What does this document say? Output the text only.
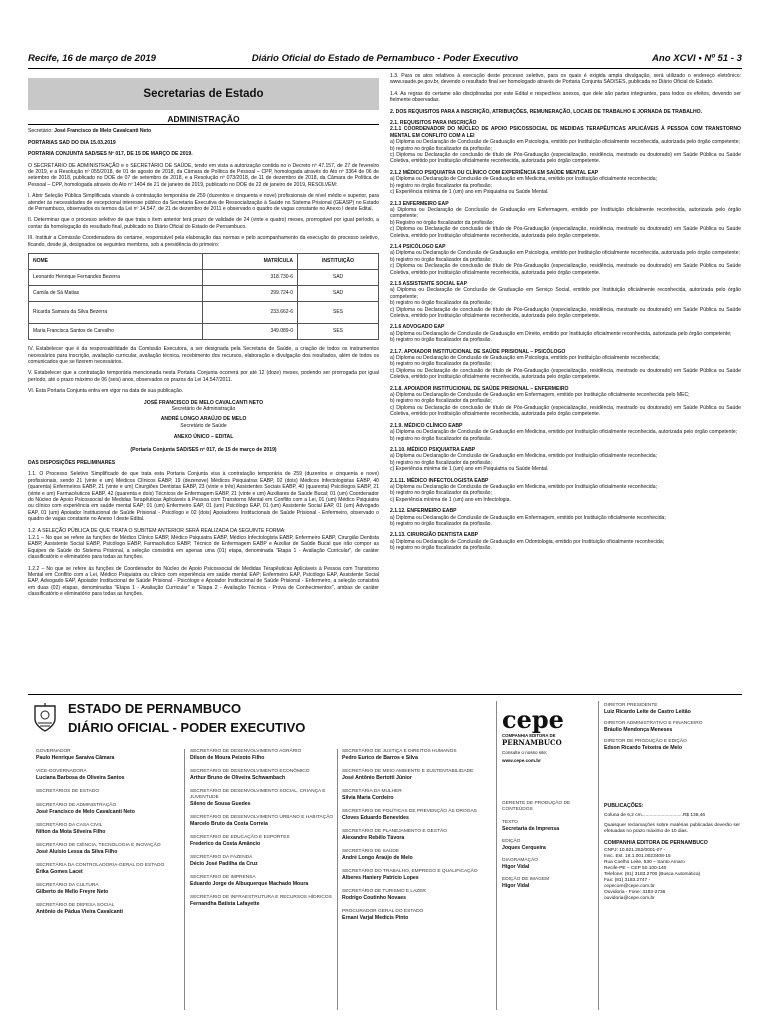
Recife, 16 de março de 2019	Diário Oficial do Estado de Pernambuco - Poder Executivo	Ano XCVI • Nº 51 - 3
Secretarias de Estado
ADMINISTRAÇÃO

Secretário: José Francisco de Melo Cavalcanti Neto

PORTARIAS SAD DO DIA 15.03.2019

PORTARIA CONJUNTA SAD/SES Nº 017, DE 15 DE MARÇO DE 2019.

O SECRETÁRIO DE ADMINISTRAÇÃO e o SECRETÁRIO DE SAÚDE, tendo em vista a autorização contida no o Decreto nº 47.157, de 27 de fevereiro de 2019, e a Resolução nº 055/2018, de 01 de agosto de 2018, da Câmara de Política de Pessoal – CPP, homologada através do Ato nº 3364 de 06 de setembro de 2018, publicado no DOE de 07 de setembro de 2018, e a Resolução nº 073/2018, de 11 de dezembro de 2018, da Câmara de Política de Pessoal – CPP, homologada através do Ato nº 1404 de 21 de janeiro de 2019, publicado no DOE de 22 de janeiro de 2019, RESOLVEM:

I. Abrir Seleção Pública Simplificada visando à contratação temporária de 259 (duzentos e cinquenta e nove) profissionais de nível médio e superior, para atender às necessidades de excepcional interesse público da Secretaria Executiva de Ressocialização à Saúde no Sistema Prisional (GEASP) no Estado de Pernambuco, observados os termos da Lei nº 14.547, de 21 de dezembro de 2011 e observado o quadro de vagas constante no Anexo I deste Edital.

II. Determinar que o processo seletivo de que trata o item anterior terá prazo de validade de 24 (vinte e quatro) meses, prorrogável por igual período, a contar da homologação do resultado final, publicado no Diário Oficial do Estado de Pernambuco.

III. Instituir a Comissão Coordenadora do certame, responsável pela elaboração das normas e pelo acompanhamento da execução do processo seletivo, ficando, desde já, designados os seguintes membros, sob a presidência do primeiro:

NOME	MATRÍCULA	INSTITUIÇÃO
Leonardo Henrique Fernandes Bezerra	318.730-6	SAD
Camila de Sá Matias	299.724-0	SAD
Ricarda Samara da Silva Bezerra	233.662-6	SES
Maria Francisca Santos de Carvalho	349.089-0	SES

IV. Estabelecer que é da responsabilidade da Comissão Executora, a ser designada pela Secretaria de Saúde, a criação de todos os instrumentos necessários para inscrição, avaliação curricular, avaliação técnica, recebimento dos recursos, elaboração e divulgação dos resultados, além de todos os comunicados que se fizerem necessários.

V. Estabelecer que a contratação temporária mencionada nesta Portaria Conjunta ocorrerá por até 12 (doze) meses, podendo ser prorrogada por igual período, até o prazo máximo de 06 (seis) anos, observados os prazos da Lei 14.547/2011.

VI. Esta Portaria Conjunta entra em vigor na data de sua publicação.

JOSÉ FRANCISCO DE MELO CAVALCANTI NETO
Secretário de Administração
ANDRÉ LONGO ARAÚJO DE MELO
Secretário de Saúde
ANEXO ÚNICO – EDITAL
(Portaria Conjunta SAD/SES nº 017, de 15 de março de 2019)

DAS DISPOSIÇÕES PRELIMINARES

1.1. O Processo Seletivo Simplificado de que trata esta Portaria Conjunta visa à contratação temporária de 259 (duzentos e cinquenta e nove) profissionais, sendo 21 (vinte e um) Médicos Clínicos EABP, 19 (dezenove) Médicos Psiquiatras EABP, 02 (dois) Médicos Infectologistas EABP, 40 (quarenta) Enfermeiros EABP, 21 (vinte e um) Cirurgiões Dentistas EABP, 23 (vinte e três) Assistentes Sociais EABP, 40 (quarenta) Psicólogos EABP, 21 (vinte e um) Farmacêuticos EABP, 42 (quarenta e dois) Técnicos de Enfermagem EABP, 21 (vinte e um) Auxiliares de Saúde Bucal; 01 (um) Coordenador do Núcleo de Apoio Psicossocial de Medidas Terapêuticas Aplicáveis à Pessoa com Transtorno Mental em Conflito com a Lei, 01 (um) Médico Psiquiatra ou clínico com experiência em saúde mental EAP; 01 (um) Enfermeiro EAP, 01 (um) Psicólogo EAP, 01 (um) Assistente Social EAP, 01 (um) Advogado EAP, 01 (um) Apoiador Institucional de Saúde Prisional - Psicólogo e 02 (dois) Apoiadores Institucionais de Saúde Prisional - Enfermeiro, observado o quadro de vagas constante no Anexo I deste Edital.

1.2. A SELEÇÃO PÚBLICA DE QUE TRATA O SUBITEM ANTERIOR SERÁ REALIZADA DA SEGUINTE FORMA:

1.2.1 – No que se refere às funções de Médico Clínico EABP, Médico Psiquiatra EABP, Médico Infectologista EABP, Enfermeiro EABP, Cirurgião Dentista EABP, Assistente Social EABP, Psicólogo EABP, Farmacêutico EABP, Técnico de Enfermagem EABP e Auxiliar de Saúde Bucal que irão compor as Equipes de Saúde do Sistema Prisional, a seleção consistirá em apenas uma (01) etapa, denominada "Etapa 1 - Avaliação Curricular", de caráter classificatório e eliminatório para todas as funções.

1.2.2 – No que se refere às funções de Coordenador do Núcleo de Apoio Psicossocial de Medidas Terapêuticas Aplicáveis à Pessoa com Transtorno Mental em Conflito com a Lei, Médico Psiquiatra ou clínico com experiência em saúde mental EAP; Enfermeiro EAP, Psicólogo EAP, Assistente Social EAP, Advogado EAP, Apoiador Institucional de Saúde Prisional - Psicólogo e Apoiador Institucional de Saúde Prisional - Enfermeiro, a seleção consistirá em duas (02) etapas, denominadas "Etapa 1 - Avaliação Curricular" e "Etapa 2 - Avaliação Técnica - Prova de Conhecimentos", ambas de caráter classificatório e eliminatório para todas as funções.

1.3. Para os atos relativos à execução deste processo seletivo, para os quais é exigida ampla divulgação, será utilizado o endereço eletrônico: www.saude.pe.gov.br, devendo o resultado final ser homologado através de Portaria Conjunta SAD/SES, publicada no Diário Oficial do Estado.

1.4. As regras do certame são disciplinadas por este Edital e respectivos anexos, que dele são partes integrantes, para todos os efeitos, devendo ser fielmente observadas.

2. DOS REQUISITOS PARA A INSCRIÇÃO, ATRIBUIÇÕES, REMUNERAÇÃO, LOCAIS DE TRABALHO E JORNADA DE TRABALHO.

2.1. REQUISITOS PARA INSCRIÇÃO
2.1.1 COORDENADOR DO NÚCLEO DE APOIO PSICOSSOCIAL DE MEDIDAS TERAPÊUTICAS APLICÁVEIS À PESSOA COM TRANSTORNO MENTAL EM CONFLITO COM A LEI

a) Diploma ou Declaração de Conclusão de Graduação em Psicologia, emitido por Instituição oficialmente reconhecida, autorizada pelo órgão competente;
b) registro no órgão fiscalizador da profissão;
c) Diploma ou Declaração de conclusão de título de Pós-Graduação (especialização, residência, mestrado ou doutorado) em Saúde Pública ou Saúde Coletiva, emitido por Instituição oficialmente reconhecida, autorizada pelo órgão competente.

2.1.2 MÉDICO PSIQUIATRA OU CLÍNICO COM EXPERIÊNCIA EM SAÚDE MENTAL EAP

a) Diploma ou Declaração de Conclusão de Graduação em Medicina, emitido por Instituição oficialmente reconhecida;
b) registro no órgão fiscalizador da profissão;
c) Experiência mínima de 1 (um) ano em Psiquiatria ou Saúde Mental.

2.1.3 ENFERMEIRO EAP

a) Diploma ou Declaração de Conclusão de Graduação em Enfermagem, emitido por Instituição oficialmente reconhecida, autorizada pelo órgão competente;
b) Registro no órgão fiscalizador da profissão;
c) Diploma ou Declaração de conclusão de título de Pós-Graduação (especialização, residência, mestrado ou doutorado) em Saúde Pública ou Saúde Coletiva, emitido por Instituição oficialmente reconhecida, autorizada pelo órgão competente.

2.1.4 PSICÓLOGO EAP

a) Diploma ou Declaração de Conclusão de Graduação em Psicologia, emitido por Instituição oficialmente reconhecida, autorizada pelo órgão competente;
b) registro no órgão fiscalizador da profissão;
c) Diploma ou Declaração de conclusão de título de Pós-Graduação (especialização, residência, mestrado ou doutorado) em Saúde Pública ou Saúde Coletiva, emitido por Instituição oficialmente reconhecida, autorizada pelo órgão competente.

2.1.5 ASSISTENTE SOCIAL EAP

a) Diploma ou Declaração de Conclusão de Graduação em Serviço Social, emitido por Instituição oficialmente reconhecida, autorizada pelo órgão competente;
b) registro no órgão fiscalizador da profissão;
c) Diploma ou Declaração de conclusão de título de Pós-Graduação (especialização, residência, mestrado ou doutorado) em Saúde Pública ou Saúde Coletiva, emitido por Instituição oficialmente reconhecida, autorizada pelo órgão competente.

2.1.6 ADVOGADO EAP

a) Diploma ou Declaração de Conclusão de Graduação em Direito, emitido por Instituição oficialmente reconhecida, autorizada pelo órgão competente;
b) registro no órgão fiscalizador da profissão.

2.1.7. APOIADOR INSTITUCIONAL DE SAÚDE PRISIONAL – PSICÓLOGO

a) Diploma ou Declaração de Conclusão de Graduação em Psicologia, emitido por Instituição oficialmente reconhecida;
b) registro no órgão fiscalizador da profissão;
c) Diploma ou Declaração de conclusão de título de Pós-Graduação (especialização, residência, mestrado ou doutorado) em Saúde Pública ou Saúde Coletiva, emitido por Instituição oficialmente reconhecida, autorizada pelo órgão competente.

2.1.8. APOIADOR INSTITUCIONAL DE SAÚDE PRISIONAL – ENFERMEIRO

a) Diploma ou Declaração de Conclusão de Graduação em Enfermagem, emitido por Instituição oficialmente reconhecida pelo MEC;
b) registro no órgão fiscalizador da profissão;
c) Diploma ou Declaração de conclusão de título de Pós-Graduação (especialização, residência, mestrado ou doutorado) em Saúde Pública ou Saúde Coletiva, emitido por Instituição oficialmente reconhecida, autorizada pelo órgão competente.

2.1.9. MÉDICO CLÍNICO EABP

a) Diploma ou Declaração de Conclusão de Graduação em Medicina, emitido por Instituição oficialmente reconhecida, autorizada pelo órgão competente;
b) registro no órgão fiscalizador da profissão.

2.1.10. MÉDICO PSIQUIATRA EABP

a) Diploma ou Declaração de Conclusão de Graduação em Medicina, emitido por Instituição oficialmente reconhecida;
b) registro no órgão fiscalizador da profissão;
c) Experiência mínima de 1 (um) ano em Psiquiatria ou Saúde Mental.

2.1.11. MÉDICO INFECTOLOGISTA EABP

a) Diploma ou Declaração de Conclusão de Graduação em Medicina, emitido por Instituição oficialmente reconhecida;
b) registro no órgão fiscalizador da profissão;
c) Experiência mínima de 1 (um) ano em Infectologia.

2.1.12. ENFERMEIRO EABP

a) Diploma ou Declaração de Conclusão de Graduação em Enfermagem, emitido por Instituição oficialmente reconhecida;
b) registro no órgão fiscalizador da profissão.

2.1.13. CIRURGIÃO DENTISTA EABP

a) Diploma ou Declaração de Conclusão de Graduação em Odontologia, emitido por Instituição oficialmente reconhecida;
b) registro no órgão fiscalizador da profissão.

ESTADO DE PERNAMBUCO
DIÁRIO OFICIAL - PODER EXECUTIVO
GOVERNADOR
Paulo Henrique Saraiva Câmara
VICE-GOVERNADORA
Luciana Barbosa de Oliveira Santos
SECRETÁRIOS DE ESTADO
SECRETÁRIO DE ADMINISTRAÇÃO
José Francisco de Melo Cavalcanti Neto
SECRETÁRIO DA CASA CIVIL
Nilton da Mota Silveira Filho
SECRETÁRIO DE CIÊNCIA, TECNOLOGIA E INOVAÇÃO
José Aluísio Lessa da Silva Filho
SECRETÁRIA DA CONTROLADORIA-GERAL DO ESTADO
Érika Gomes Lacet
SECRETÁRIO DA CULTURA
Gilberto de Mello Freyre Neto
SECRETÁRIO DE DEFESA SOCIAL
Antônio de Pádua Vieira Cavalcanti
SECRETÁRIO DE DESENVOLVIMENTO AGRÁRIO
Dilson de Moura Peixoto Filho
SECRETÁRIO DE DESENVOLVIMENTO ECONÔMICO
Arthur Bruno de Oliveira Schwambach
SECRETÁRIO DE DESENVOLVIMENTO SOCIAL, CRIANÇA E JUVENTUDE
Sileno de Sousa Guedes
SECRETÁRIO DE DESENVOLVIMENTO URBANO E HABITAÇÃO
Marcelo Bruto da Costa Correia
SECRETÁRIO DE EDUCAÇÃO E ESPORTES
Frederico da Costa Amâncio
SECRETÁRIO DA FAZENDA
Décio José Padilha da Cruz
SECRETÁRIO DE IMPRENSA
Eduardo Jorge de Albuquerque Machado Moura
SECRETÁRIO DE INFRAESTRUTURA E RECURSOS HÍDRICOS
Fernandha Batista Lafayette
SECRETÁRIO DE JUSTIÇA E DIREITOS HUMANOS
Pedro Eurico de Barros e Silva
SECRETÁRIO DE MEIO AMBIENTE E SUSTENTABILIDADE
José Antônio Bertotti Júnior
SECRETÁRIA DA MULHER
Silvia Maria Cordeiro
SECRETÁRIO DE POLÍTICAS DE PREVENÇÃO ÀS DROGAS
Cloves Eduardo Benevides
SECRETÁRIO DE PLANEJAMENTO E GESTÃO
Alexandre Rebêlo Távora
SECRETÁRIO DE SAÚDE
André Longo Araújo de Melo
SECRETÁRIO DO TRABALHO, EMPREGO E QUALIFICAÇÃO
Alberes Haniery Patrício Lopes
SECRETÁRIO DE TURISMO E LAZER
Rodrigo Coutinho Novaes
PROCURADOR GERAL DO ESTADO
Ernani Varjal Medicis Pinto
cepe
COMPANHIA EDITORA DE
PERNAMBUCO
Consulte o nosso site:
www.cepe.com.br
GERENTE DE PRODUÇÃO DE CONTEÚDOS
TEXTO
Secretaria de Imprensa
EDIÇÃO
Joques Cerqueira
DIAGRAMAÇÃO
Higor Vidal
EDIÇÃO DE IMAGEM
Higor Vidal
DIRETOR PRESIDENTE
Luiz Ricardo Leite de Castro Leitão
DIRETOR ADMINISTRATIVO E FINANCEIRO
Bráulio Mendonça Meneses
DIRETOR DE PRODUÇÃO E EDIÇÃO
Edson Ricardo Teixeira de Melo
PUBLICAÇÕES:
Coluna de 6,2 cm...............................R$ 138,46
Quaisquer reclamações sobre matérias publicadas deverão ser efetuadas no prazo máximo de 10 dias.
COMPANHIA EDITORA DE PERNAMBUCO
CNPJ: 10.921.252/0001-07 -
Insc. Est. 18.1.001.0023408-15
Rua Coelho Leite, 530 – Santo Amaro
Recife-PE – CEP 50.100-140
Telefone: (81) 3183.2700 (Busca Automática)
Fax: (81) 3183.2747 -
cepecom@cepe.com.br
Ouvidoria - Fone: 3183-2736
ouvidoria@cepe.com.br
